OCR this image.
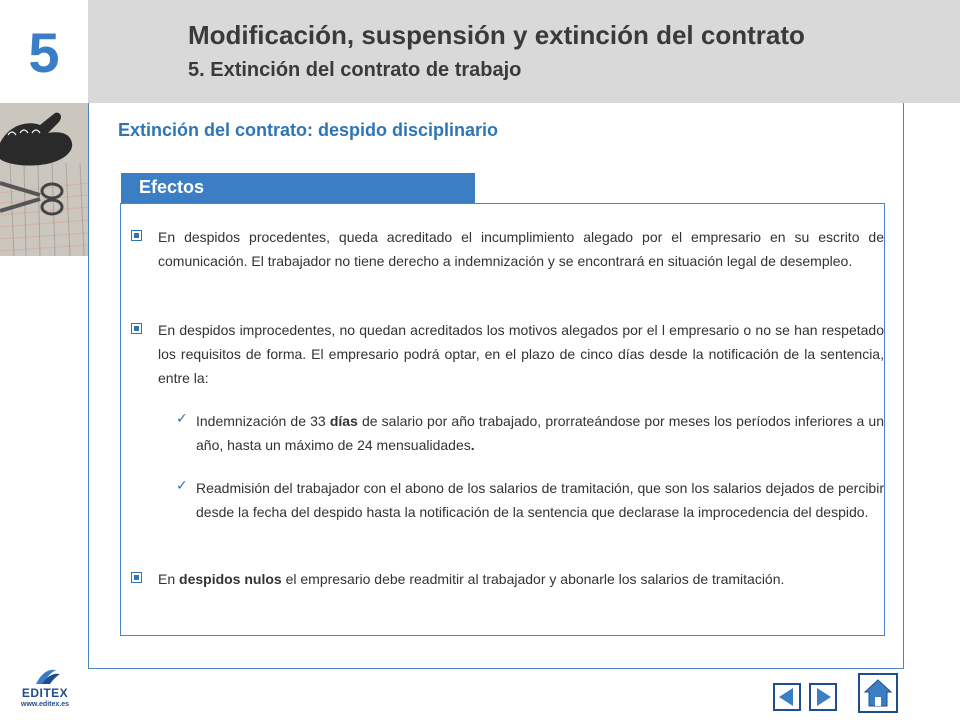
Modificación, suspensión y extinción del contrato
5. Extinción del contrato de trabajo
5
Extinción del contrato: despido disciplinario
Efectos

En despidos procedentes, queda acreditado el incumplimiento alegado por el empresario en su escrito de comunicación. El trabajador no tiene derecho a indemnización y se encontrará en situación legal de desempleo.

En despidos improcedentes, no quedan acreditados los motivos alegados por el l empresario o no se han respetado los requisitos de forma. El empresario podrá optar, en el plazo de cinco días desde la notificación de la sentencia, entre la:

✓ Indemnización de 33 días de salario por año trabajado, prorrateándose por meses los períodos inferiores a un año, hasta un máximo de 24 mensualidades.

✓ Readmisión del trabajador con el abono de los salarios de tramitación, que son los salarios dejados de percibir desde la fecha del despido hasta la notificación de la sentencia que declarase la improcedencia del despido.

En despidos nulos el empresario debe readmitir al trabajador y abonarle los salarios de tramitación.

EDITEX
www.editex.es
